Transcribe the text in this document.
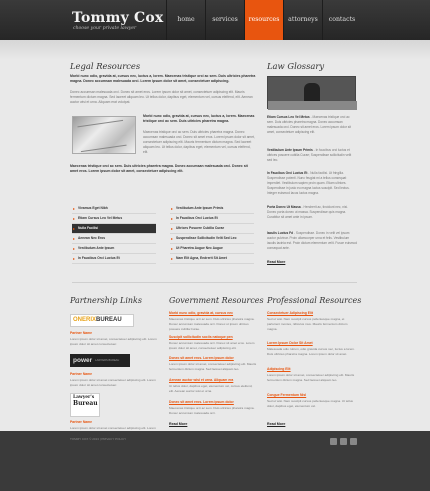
Tommy Cox
choose your private lawyer
home	services	resources	attorneys	contacts
Legal Resources
Morbi nunc odio, gravida at, cursus nec, luctus a, lorem. Maecenas tristique orci ac sem. Duis ultricies pharetra magna. Donec accumsan malesuada orci. Lorem ipsum dolor sit amet, consectetuer adipiscing.
Donec accumsan malesuada orci. Donec sit amet eros. Lorem ipsum dolor sit amet, consectetuer adipiscing elit. Mauris fermentum dictum magna. Sed laoreet aliquam leo. Ut tellus dolor, dapibus eget, elementum vel, cursus eleifend, elit. Aenean auctor wisi et urna. Aliquam erat volutpat.
Morbi nunc odio, gravida at, cursus nec, luctus a, lorem. Maecenas tristique orci ac sem. Duis ultricies pharetra magna.
Maecenas tristique orci ac sem. Duis ultricies pharetra magna. Donec accumsan malesuada orci. Donec sit amet eros. Lorem ipsum dolor sit amet, consectetuer adipiscing elit. Mauris fermentum dictum magna. Sed laoreet aliquam leo. Ut tellus dolor, dapibus eget, elementum vel, cursus eleifend, elit.
Maecenas tristique orci ac sem. Duis ultricies pharetra magna. Donec accumsan malesuada orci. Donec sit amet eros. Lorem ipsum dolor sit amet, consectetuer adipiscing elit.
Vivamus Eget Nibh
Etiam Cursus Leo Vel Metus
Nulla Facilisi
Aenean Nec Eros
Vestibulum Ante Ipsum
In Faucibus Orci Luctus Et
Vestibulum Ante Ipsum Primis
In Faucibus Orci Luctus Et
Ultrices Posuere Cubilia Curae
Suspendisse Sollicitudin Velit Sed Leo
Ut Pharetra Augue Nec Augue
Nam Elit Agna, Endrerit Sit Amet
Law Glossary
Etiam Cursus Leo Vel Metus - Maecenas tristique orci ac sem. Duis ultricies pharetra magna. Donec accumsan malesuada orci. Donec sit amet eros. Lorem ipsum dolor sit amet, consectetuer adipiscing elit.
Vestibulum Ante Ipsum Primis - In faucibus orci luctus et ultrices posuere cubilia Curae; Suspendisse sollicitudin velit sed leo.
In Faucibus Orci Luctus Et - Nulla facilisi. Ut fringilla. Suspendisse potenti. Nunc feugiat mi a tellus consequat imperdiet. Vestibulum sapien proin quam. Etiam ultrices. Suspendisse in justo eu magna luctus suscipit. Sed lectus. Integer euismod lacus luctus magna.
Porta Donec Ut Massa - Hendrerit ac, tincidunt nec, nisi. Donec porta donec ut massa. Suspendisse quis magna. Curabitur sit amet ante in ipsum.
Iaculis Luctus Fd - Suspendisse. Donec in velit vel ipsum auctor pulvinar. Proin ullamcorper urna et felis. Vestibulum iaculis lacinia est. Proin dictum elementum velit. Fusce euismod consequat ante.
Read More
Partnership Links
ONERIX BUREAU
Partner Name
Lorem ipsum dolor sit amet, consectetuer adipiscing elit. Lorem ipsum dolor sit amet consectetuer.
power LAWYERS BUREAU
Partner Name
Lorem ipsum dolor sit amet consectetuer adipiscing elit. Lorem ipsum dolor sit amet consectetuer.
Lawyer's
Bureau
Partner Name
Lorem ipsum dolor sit amet consectetuer adipiscing elit. Lorem
Government Resources
Morbi nunc odio, gravida at, cursus nec
Maecenas tristique orci ac sem. Duis ultricies pharetra magna. Donec accumsan malesuada orci. Donec ut ipsum ultrices posuere cubilia Curae.
Suscipit sollicitudin sociis natoque pen
Donec accumsan malesuada orci. Donec sit amet eros. Lorem ipsum dolor sit amet, consectetuer adipiscing elit.
Donec sit amet eros. Lorem ipsum dolor
Lorem ipsum dolor sit amet, consectetuer adipiscing elit. Mauris fermentum dictum magna. Sed laoreet aliquam leo.
Aenean auctor wisi et urna. Aliquam era
Ut tellus dolor, dapibus eget, elementum vel, cursus eleifend, elit. Aenean auctor wisi et urna.
Donec sit amet eros. Lorem ipsum dolor
Maecenas tristique orci ac sem. Duis ultricies pharetra magna. Donec accumsan malesuada orci.
Read More
Professional Resources
Consectetuer Adipiscing Elit
Sed ut wisi. Nam suscipit cursus pellentesque magna, et parturient montes, ridiculus mus. Mauris fermentum dictum magna.
Lorem Ipsum Dolor Sit Amet
Malesuada odio rutrum, odio gravida cursus nec, luctus a lorem. Duis ultricies pharetra magna. Lorem ipsum dolor sit amet.
Adipiscing Elit
Lorem ipsum dolor sit amet, consectetuer adipiscing elit. Mauris fermentum dictum magna. Sed laoreet aliquam leo.
Congue Fermentum Nisl
Sed ut wisi. Nam suscipit cursus pellentesque magna. Ut tellus dolor, dapibus eget, elementum vel.
Read More
TOMMY COX © 2013 | PRIVACY POLICY
